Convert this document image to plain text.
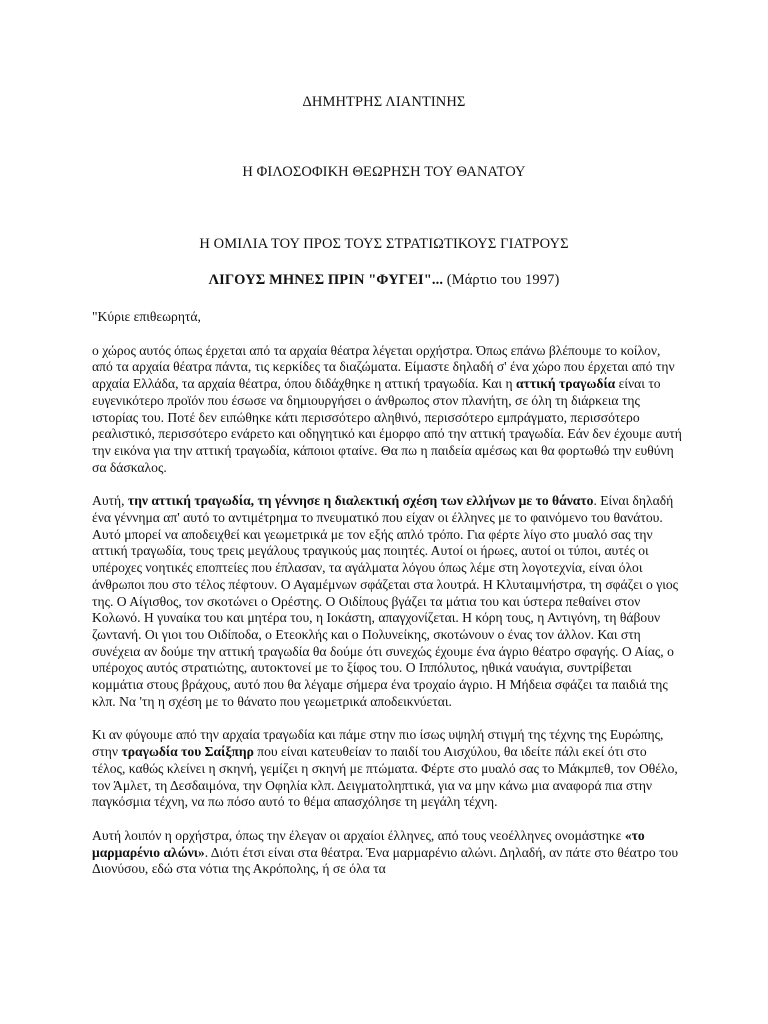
ΔΗΜΗΤΡΗΣ ΛΙΑΝΤΙΝΗΣ
Η ΦΙΛΟΣΟΦΙΚΗ ΘΕΩΡΗΣΗ ΤΟΥ ΘΑΝΑΤΟΥ
Η ΟΜΙΛΙΑ ΤΟΥ ΠΡΟΣ ΤΟΥΣ ΣΤΡΑΤΙΩΤΙΚΟΥΣ ΓΙΑΤΡΟΥΣ
ΛΙΓΟΥΣ ΜΗΝΕΣ ΠΡΙΝ "ΦΥΓΕΙ"... (Μάρτιο του 1997)

"Κύριε επιθεωρητά,

ο χώρος αυτός όπως έρχεται από τα αρχαία θέατρα λέγεται ορχήστρα. Όπως επάνω βλέπουμε το κοίλον, από τα αρχαία θέατρα πάντα, τις κερκίδες τα διαζώματα. Είμαστε δηλαδή σ' ένα χώρο που έρχεται από την αρχαία Ελλάδα, τα αρχαία θέατρα, όπου διδάχθηκε η αττική τραγωδία. Και η αττική τραγωδία είναι το ευγενικότερο προϊόν που έσωσε να δημιουργήσει ο άνθρωπος στον πλανήτη, σε όλη τη διάρκεια της ιστορίας του. Ποτέ δεν ειπώθηκε κάτι περισσότερο αληθινό, περισσότερο εμπράγματο, περισσότερο ρεαλιστικό, περισσότερο ενάρετο και οδηγητικό και έμορφο από την αττική τραγωδία. Εάν δεν έχουμε αυτή την εικόνα για την αττική τραγωδία, κάποιοι φταίνε. Θα πω η παιδεία αμέσως και θα φορτωθώ την ευθύνη σα δάσκαλος.

Αυτή, την αττική τραγωδία, τη γέννησε η διαλεκτική σχέση των ελλήνων με το θάνατο. Είναι δηλαδή ένα γέννημα απ' αυτό το αντιμέτρημα το πνευματικό που είχαν οι έλληνες με το φαινόμενο του θανάτου. Αυτό μπορεί να αποδειχθεί και γεωμετρικά με τον εξής απλό τρόπο. Για φέρτε λίγο στο μυαλό σας την αττική τραγωδία, τους τρεις μεγάλους τραγικούς μας ποιητές. Αυτοί οι ήρωες, αυτοί οι τύποι, αυτές οι υπέροχες νοητικές εποπτείες που έπλασαν, τα αγάλματα λόγου όπως λέμε στη λογοτεχνία, είναι όλοι άνθρωποι που στο τέλος πέφτουν. Ο Αγαμέμνων σφάζεται στα λουτρά. Η Κλυταιμνήστρα, τη σφάζει ο γιος της. Ο Αίγισθος, τον σκοτώνει ο Ορέστης. Ο Οιδίπους βγάζει τα μάτια του και ύστερα πεθαίνει στον Κολωνό. Η γυναίκα του και μητέρα του, η Ιοκάστη, απαγχονίζεται. Η κόρη τους, η Αντιγόνη, τη θάβουν ζωντανή. Οι γιοι του Οιδίποδα, ο Ετεοκλής και ο Πολυνείκης, σκοτώνουν ο ένας τον άλλον. Και στη συνέχεια αν δούμε την αττική τραγωδία θα δούμε ότι συνεχώς έχουμε ένα άγριο θέατρο σφαγής. Ο Αίας, ο υπέροχος αυτός στρατιώτης, αυτοκτονεί με το ξίφος του. Ο Ιππόλυτος, ηθικά ναυάγια, συντρίβεται κομμάτια στους βράχους, αυτό που θα λέγαμε σήμερα ένα τροχαίο άγριο. Η Μήδεια σφάζει τα παιδιά της κλπ. Να 'τη η σχέση με το θάνατο που γεωμετρικά αποδεικνύεται.

Κι αν φύγουμε από την αρχαία τραγωδία και πάμε στην πιο ίσως υψηλή στιγμή της τέχνης της Ευρώπης, στην τραγωδία του Σαίξπηρ που είναι κατευθείαν το παιδί του Αισχύλου, θα ιδείτε πάλι εκεί ότι στο τέλος, καθώς κλείνει η σκηνή, γεμίζει η σκηνή με πτώματα. Φέρτε στο μυαλό σας το Μάκμπεθ, τον Οθέλο, τον Άμλετ, τη Δεσδαιμόνα, την Οφηλία κλπ. Δειγματοληπτικά, για να μην κάνω μια αναφορά πια στην παγκόσμια τέχνη, να πω πόσο αυτό το θέμα απασχόλησε τη μεγάλη τέχνη.

Αυτή λοιπόν η ορχήστρα, όπως την έλεγαν οι αρχαίοι έλληνες, από τους νεοέλληνες ονομάστηκε «το μαρμαρένιο αλώνι». Διότι έτσι είναι στα θέατρα. Ένα μαρμαρένιο αλώνι. Δηλαδή, αν πάτε στο θέατρο του Διονύσου, εδώ στα νότια της Ακρόπολης, ή σε όλα τα
